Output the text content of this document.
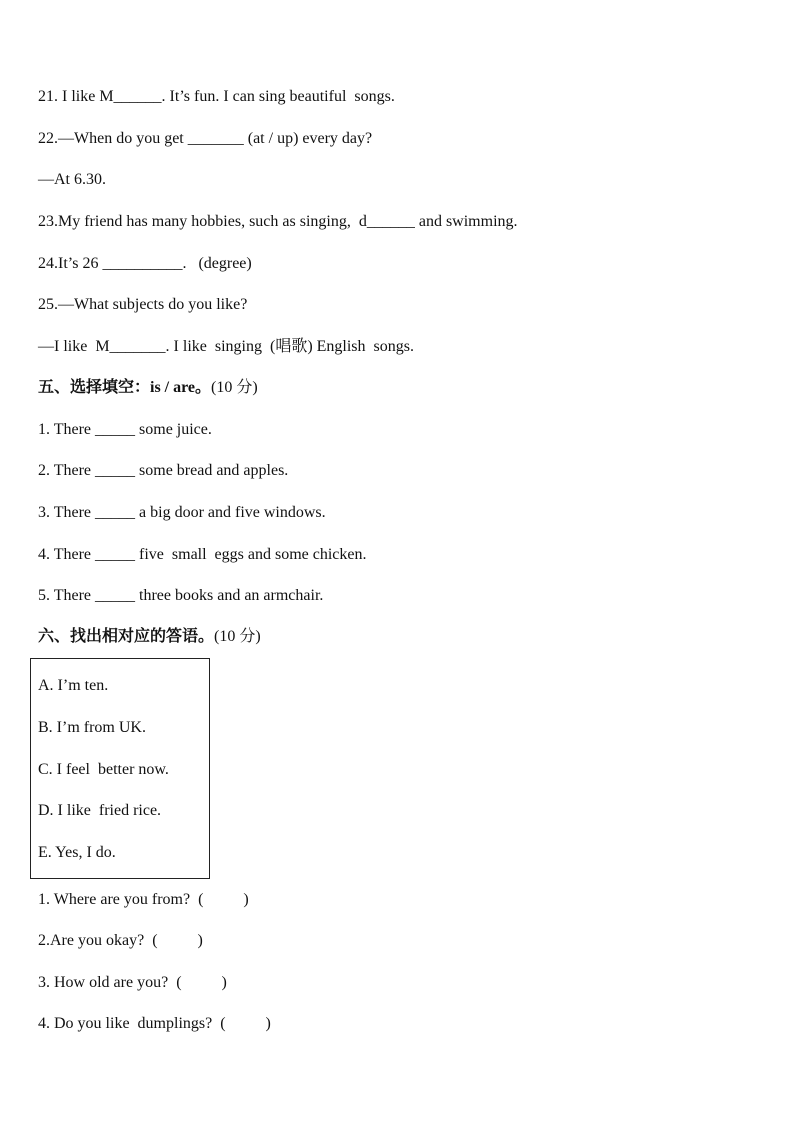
21. I like M______. It’s fun. I can sing beautiful  songs.
22.—When do you get _______ (at / up) every day?
—At 6.30.
23.My friend has many hobbies, such as singing,  d______ and swimming.
24.It’s 26 __________.   (degree)
25.—What subjects do you like?
—I like  M_______. I like  singing  (唱歌) English  songs.
五、选择填空：is / are。(10 分)
1. There _____ some juice.
2. There _____ some bread and apples.
3. There _____ a big door and five windows.
4. There _____ five  small  eggs and some chicken.
5. There _____ three books and an armchair.
六、找出相对应的答语。(10 分)
A. I’m ten.
B. I’m from UK.
C. I feel  better now.
D. I like  fried rice.
E. Yes, I do.
1. Where are you from?  (          )
2.Are you okay?  (          )
3. How old are you?  (          )
4. Do you like  dumplings?  (          )
